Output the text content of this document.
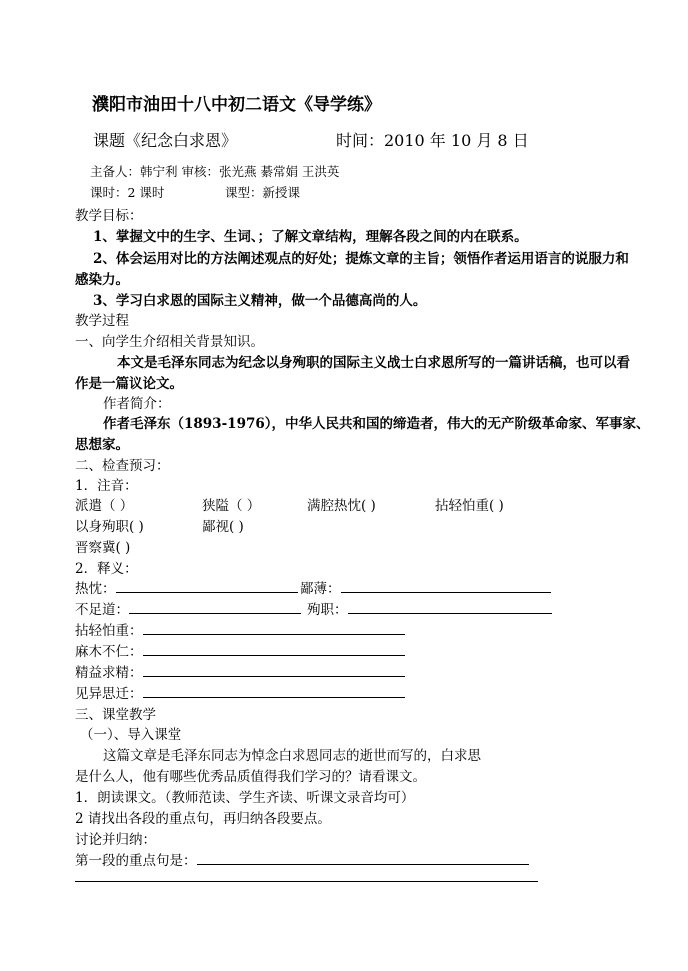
濮阳市油田十八中初二语文《导学练》
课题《纪念白求恩》	时间：2010 年 10 月 8 日
主备人：韩宁利 审核：张光燕 綦常娟 王洪英
课时：2 课时	课型：新授课
教学目标：
1、掌握文中的生字、生词、；了解文章结构，理解各段之间的内在联系。
2、体会运用对比的方法阐述观点的好处；提炼文章的主旨；领悟作者运用语言的说服力和
感染力。
3、学习白求恩的国际主义精神，做一个品德高尚的人。
教学过程
一、向学生介绍相关背景知识。
本文是毛泽东同志为纪念以身殉职的国际主义战士白求恩所写的一篇讲话稿，也可以看
作是一篇议论文。
作者简介：
作者毛泽东（1893-1976），中华人民共和国的缔造者，伟大的无产阶级革命家、军事家、
思想家。
二、检查预习：
1．注音：
派遣（ ）	狭隘（ ）	满腔热忱( )	拈轻怕重( )
以身殉职( )	鄙视( )
晋察冀( )
2．释义：
热忱：	鄙薄：
不足道：	殉职：
拈轻怕重：
麻木不仁：
精益求精：
见异思迁：
三、课堂教学
（一）、导入课堂
这篇文章是毛泽东同志为悼念白求恩同志的逝世而写的，白求思
是什么人，他有哪些优秀品质值得我们学习的？请看课文。
1．朗读课文。（教师范读、学生齐读、听课文录音均可）
2 请找出各段的重点句，再归纳各段要点。
讨论并归纳：
第一段的重点句是：
